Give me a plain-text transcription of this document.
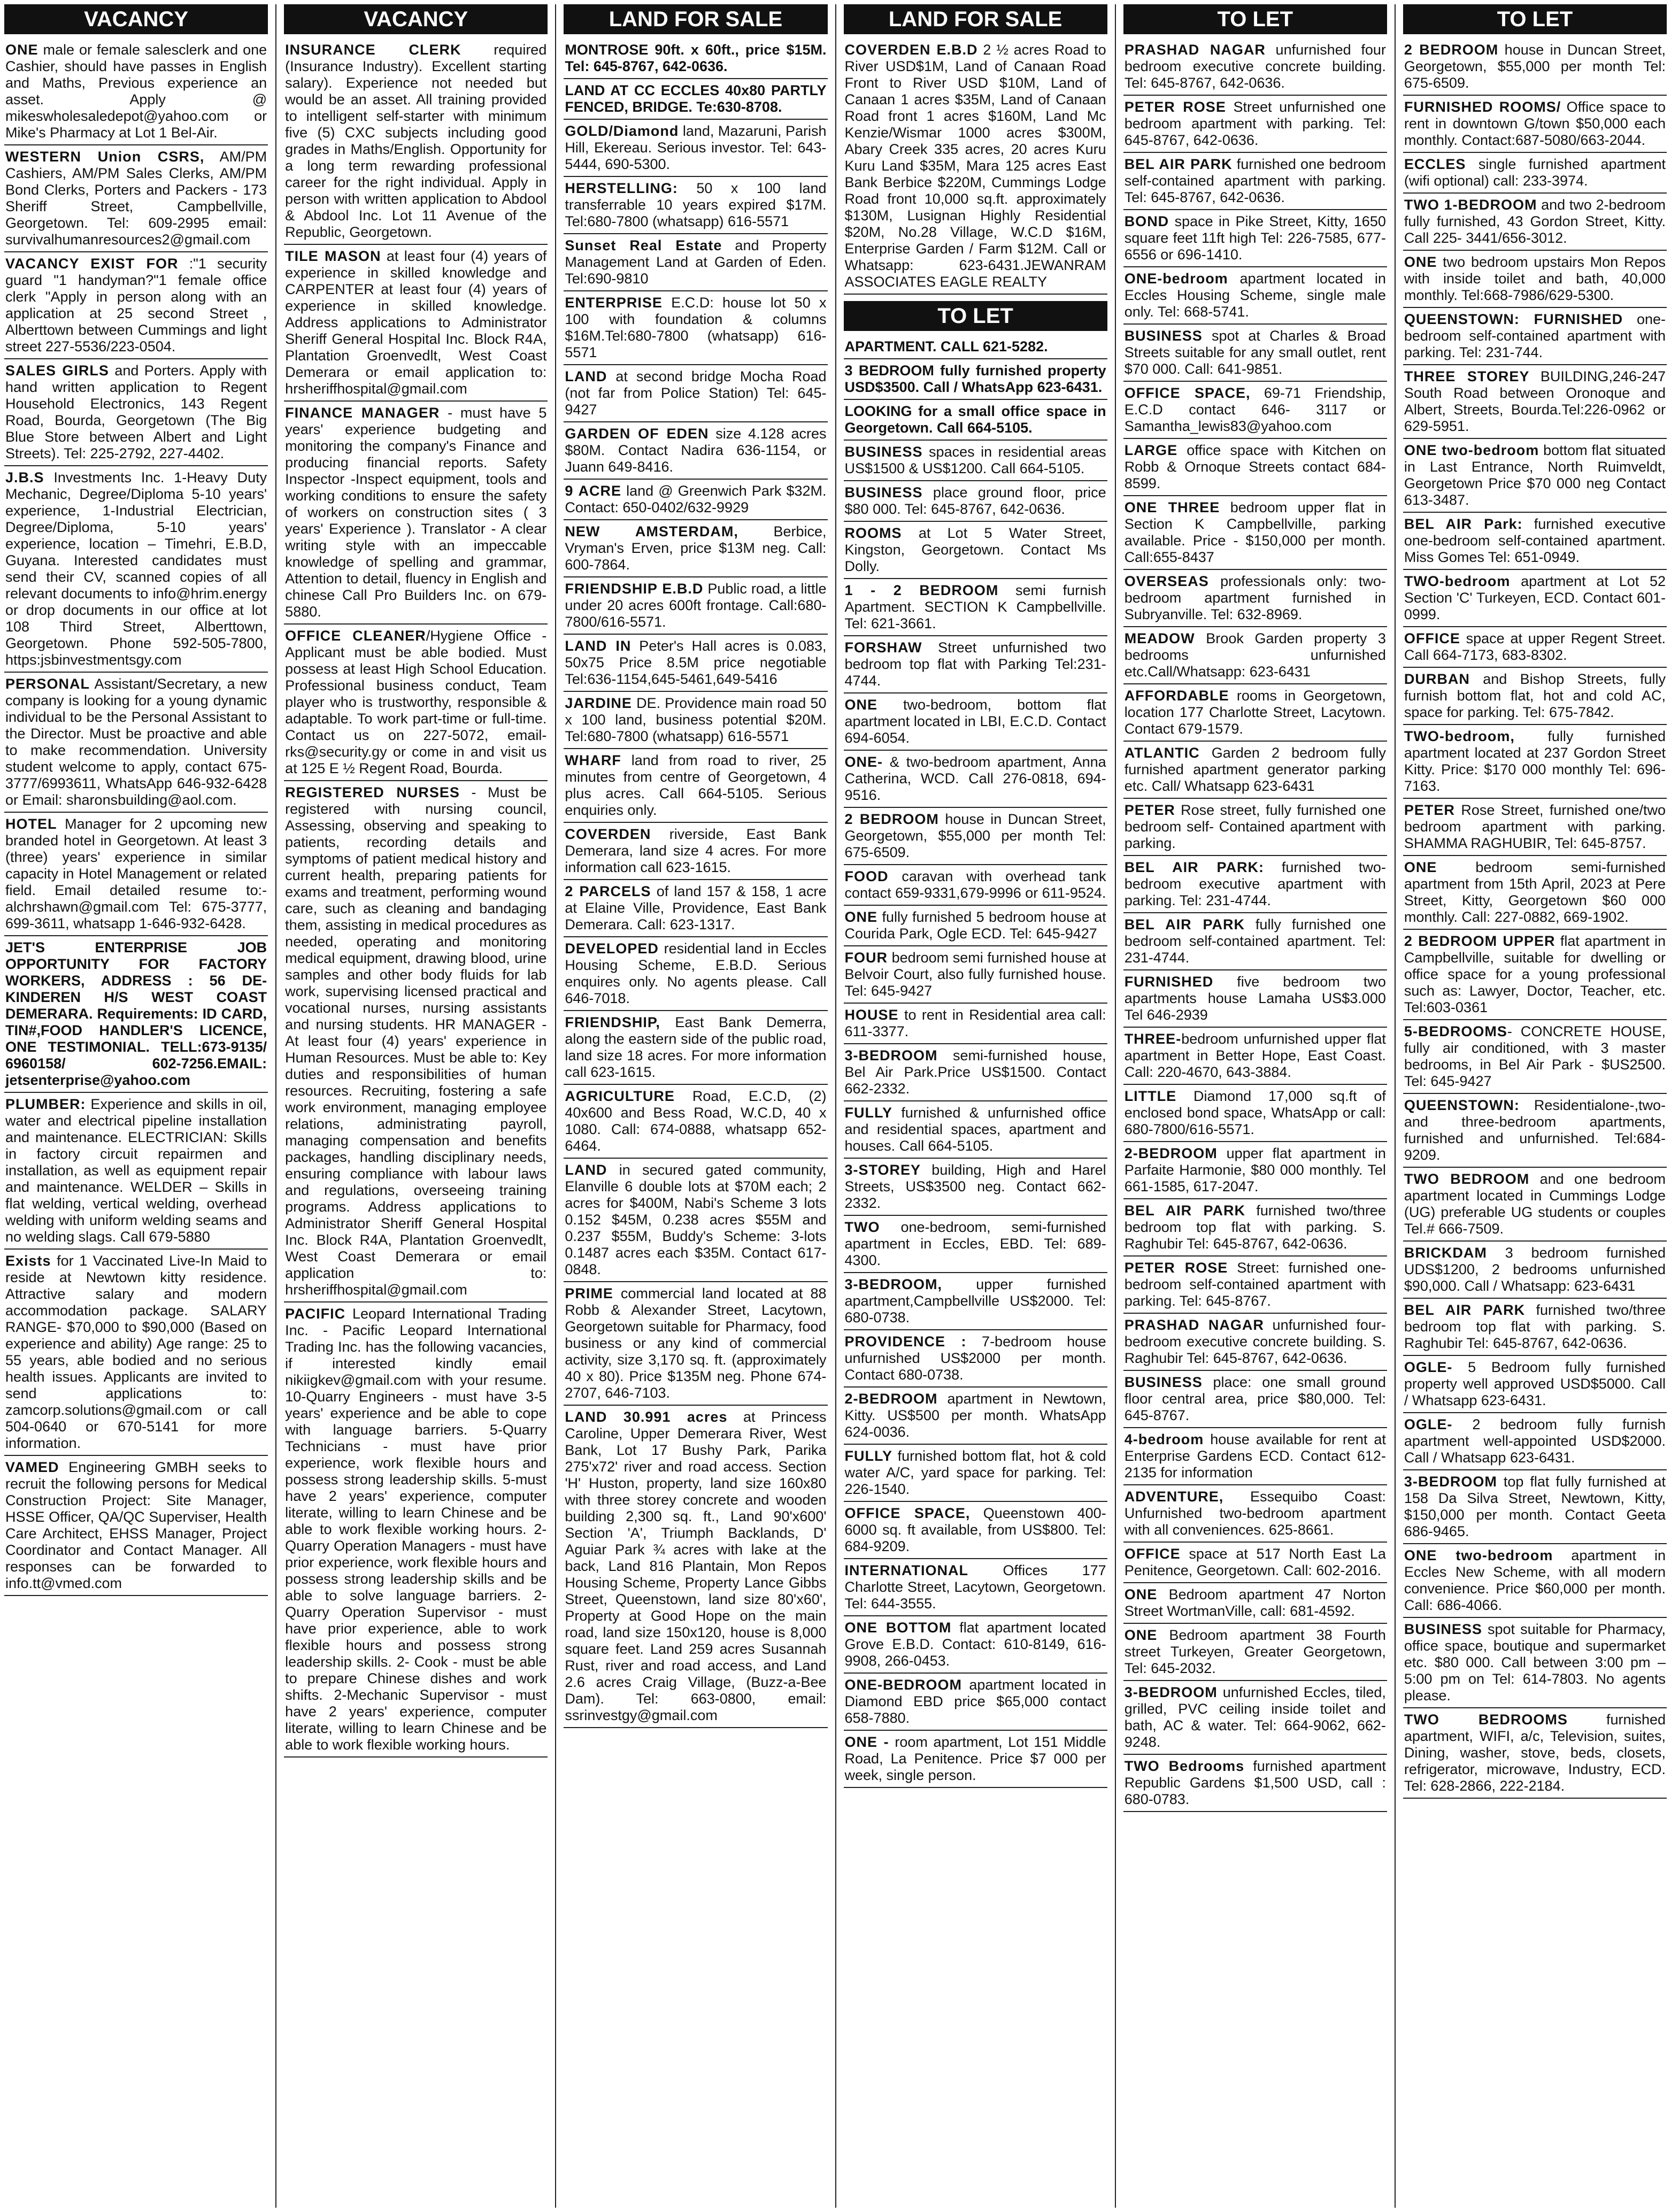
VACANCY
ONE male or female salesclerk and one Cashier, should have passes in English and Maths, Previous experience an asset. Apply @ mikeswholesaledepot@yahoo.com or Mike's Pharmacy at Lot 1 Bel-Air.
WESTERN Union CSRS, AM/PM Cashiers, AM/PM Sales Clerks, AM/PM Bond Clerks, Porters and Packers - 173 Sheriff Street, Campbellville, Georgetown. Tel: 609-2995 email: survivalhumanresources2@gmail.com
VACANCY EXIST FOR :"1 security guard "1 handyman?"1 female office clerk "Apply in person along with an application at 25 second Street , Alberttown between Cummings and light street 227-5536/223-0504.
SALES GIRLS and Porters. Apply with hand written application to Regent Household Electronics, 143 Regent Road, Bourda, Georgetown (The Big Blue Store between Albert and Light Streets). Tel: 225-2792, 227-4402.
J.B.S Investments Inc. 1-Heavy Duty Mechanic, Degree/Diploma 5-10 years' experience, 1-Industrial Electrician, Degree/Diploma, 5-10 years' experience, location – Timehri, E.B.D, Guyana. Interested candidates must send their CV, scanned copies of all relevant documents to info@hrim.energy or drop documents in our office at lot 108 Third Street, Alberttown, Georgetown. Phone 592-505-7800, https:jsbinvestmentsgy.com
PERSONAL Assistant/Secretary, a new company is looking for a young dynamic individual to be the Personal Assistant to the Director. Must be proactive and able to make recommendation. University student welcome to apply, contact 675-3777/6993611, WhatsApp 646-932-6428 or Email: sharonsbuilding@aol.com.
HOTEL Manager for 2 upcoming new branded hotel in Georgetown. At least 3 (three) years' experience in similar capacity in Hotel Management or related field. Email detailed resume to:- alchrshawn@gmail.com Tel: 675-3777, 699-3611, whatsapp 1-646-932-6428.
JET'S ENTERPRISE JOB OPPORTUNITY FOR FACTORY WORKERS, ADDRESS : 56 DE-KINDEREN H/S WEST COAST DEMERARA. Requirements: ID CARD, TIN#,FOOD HANDLER'S LICENCE, ONE TESTIMONIAL. TELL:673-9135/ 6960158/ 602-7256.EMAIL: jetsenterprise@yahoo.com
PLUMBER: Experience and skills in oil, water and electrical pipeline installation and maintenance. ELECTRICIAN: Skills in factory circuit repairmen and installation, as well as equipment repair and maintenance. WELDER – Skills in flat welding, vertical welding, overhead welding with uniform welding seams and no welding slags. Call 679-5880
Exists for 1 Vaccinated Live-In Maid to reside at Newtown kitty residence. Attractive salary and modern accommodation package. SALARY RANGE- $70,000 to $90,000 (Based on experience and ability) Age range: 25 to 55 years, able bodied and no serious health issues. Applicants are invited to send applications to: zamcorp.solutions@gmail.com or call 504-0640 or 670-5141 for more information.
VAMED Engineering GMBH seeks to recruit the following persons for Medical Construction Project: Site Manager, HSSE Officer, QA/QC Superviser, Health Care Architect, EHSS Manager, Project Coordinator and Contact Manager. All responses can be forwarded to info.tt@vmed.com
VACANCY
INSURANCE CLERK required (Insurance Industry). Excellent starting salary). Experience not needed but would be an asset. All training provided to intelligent self-starter with minimum five (5) CXC subjects including good grades in Maths/English. Opportunity for a long term rewarding professional career for the right individual. Apply in person with written application to Abdool & Abdool Inc. Lot 11 Avenue of the Republic, Georgetown.
TILE MASON at least four (4) years of experience in skilled knowledge and CARPENTER at least four (4) years of experience in skilled knowledge. Address applications to Administrator Sheriff General Hospital Inc. Block R4A, Plantation Groenvedlt, West Coast Demerara or email application to: hrsheriffhospital@gmail.com
FINANCE MANAGER - must have 5 years' experience budgeting and monitoring the company's Finance and producing financial reports. Safety Inspector -Inspect equipment, tools and working conditions to ensure the safety of workers on construction sites ( 3 years' Experience ). Translator - A clear writing style with an impeccable knowledge of spelling and grammar, Attention to detail, fluency in English and chinese Call Pro Builders Inc. on 679-5880.
OFFICE CLEANER/Hygiene Office - Applicant must be able bodied. Must possess at least High School Education. Professional business conduct, Team player who is trustworthy, responsible & adaptable. To work part-time or full-time. Contact us on 227-5072, email-rks@security.gy or come in and visit us at 125 E ½ Regent Road, Bourda.
REGISTERED NURSES - Must be registered with nursing council, Assessing, observing and speaking to patients, recording details and symptoms of patient medical history and current health, preparing patients for exams and treatment, performing wound care, such as cleaning and bandaging them, assisting in medical procedures as needed, operating and monitoring medical equipment, drawing blood, urine samples and other body fluids for lab work, supervising licensed practical and vocational nurses, nursing assistants and nursing students. HR MANAGER - At least four (4) years' experience in Human Resources. Must be able to: Key duties and responsibilities of human resources. Recruiting, fostering a safe work environment, managing employee relations, administrating payroll, managing compensation and benefits packages, handling disciplinary needs, ensuring compliance with labour laws and regulations, overseeing training programs. Address applications to Administrator Sheriff General Hospital Inc. Block R4A, Plantation Groenvedlt, West Coast Demerara or email application to: hrsheriffhospital@gmail.com
PACIFIC Leopard International Trading Inc. - Pacific Leopard International Trading Inc. has the following vacancies, if interested kindly email nikiigkev@gmail.com with your resume. 10-Quarry Engineers - must have 3-5 years' experience and be able to cope with language barriers. 5-Quarry Technicians - must have prior experience, work flexible hours and possess strong leadership skills. 5-must have 2 years' experience, computer literate, willing to learn Chinese and be able to work flexible working hours. 2- Quarry Operation Managers - must have prior experience, work flexible hours and possess strong leadership skills and be able to solve language barriers. 2- Quarry Operation Supervisor - must have prior experience, able to work flexible hours and possess strong leadership skills. 2- Cook - must be able to prepare Chinese dishes and work shifts. 2-Mechanic Supervisor - must have 2 years' experience, computer literate, willing to learn Chinese and be able to work flexible working hours.
LAND FOR SALE
MONTROSE 90ft. x 60ft., price $15M. Tel: 645-8767, 642-0636.
LAND AT CC ECCLES 40x80 PARTLY FENCED, BRIDGE. Te:630-8708.
GOLD/Diamond land, Mazaruni, Parish Hill, Ekereau. Serious investor. Tel: 643-5444, 690-5300.
HERSTELLING: 50 x 100 land transferrable 10 years expired $17M. Tel:680-7800 (whatsapp) 616-5571
Sunset Real Estate and Property Management Land at Garden of Eden. Tel:690-9810
ENTERPRISE E.C.D: house lot 50 x 100 with foundation & columns $16M.Tel:680-7800 (whatsapp) 616-5571
LAND at second bridge Mocha Road (not far from Police Station) Tel: 645-9427
GARDEN OF EDEN size 4.128 acres $80M. Contact Nadira 636-1154, or Juann 649-8416.
9 ACRE land @ Greenwich Park $32M. Contact: 650-0402/632-9929
NEW AMSTERDAM, Berbice, Vryman's Erven, price $13M neg. Call: 600-7864.
FRIENDSHIP E.B.D Public road, a little under 20 acres 600ft frontage. Call:680-7800/616-5571.
LAND IN Peter's Hall acres is 0.083, 50x75 Price 8.5M price negotiable Tel:636-1154,645-5461,649-5416
JARDINE DE. Providence main road 50 x 100 land, business potential $20M. Tel:680-7800 (whatsapp) 616-5571
WHARF land from road to river, 25 minutes from centre of Georgetown, 4 plus acres. Call 664-5105. Serious enquiries only.
COVERDEN riverside, East Bank Demerara, land size 4 acres. For more information call 623-1615.
2 PARCELS of land 157 & 158, 1 acre at Elaine Ville, Providence, East Bank Demerara. Call: 623-1317.
DEVELOPED residential land in Eccles Housing Scheme, E.B.D. Serious enquires only. No agents please. Call 646-7018.
FRIENDSHIP, East Bank Demerra, along the eastern side of the public road, land size 18 acres. For more information call 623-1615.
AGRICULTURE Road, E.C.D, (2) 40x600 and Bess Road, W.C.D, 40 x 1080. Call: 674-0888, whatsapp 652-6464.
LAND in secured gated community, Elanville 6 double lots at $70M each; 2 acres for $400M, Nabi's Scheme 3 lots 0.152 $45M, 0.238 acres $55M and 0.237 $55M, Buddy's Scheme: 3-lots 0.1487 acres each $35M. Contact 617-0848.
PRIME commercial land located at 88 Robb & Alexander Street, Lacytown, Georgetown suitable for Pharmacy, food business or any kind of commercial activity, size 3,170 sq. ft. (approximately 40 x 80). Price $135M neg. Phone 674-2707, 646-7103.
LAND 30.991 acres at Princess Caroline, Upper Demerara River, West Bank, Lot 17 Bushy Park, Parika 275'x72' river and road access. Section 'H' Huston, property, land size 160x80 with three storey concrete and wooden building 2,300 sq. ft., Land 90'x600' Section 'A', Triumph Backlands, D' Aguiar Park ¾ acres with lake at the back, Land 816 Plantain, Mon Repos Housing Scheme, Property Lance Gibbs Street, Queenstown, land size 80'x60', Property at Good Hope on the main road, land size 150x120, house is 8,000 square feet. Land 259 acres Susannah Rust, river and road access, and Land 2.6 acres Craig Village, (Buzz-a-Bee Dam). Tel: 663-0800, email: ssrinvestgy@gmail.com
LAND FOR SALE
COVERDEN E.B.D 2 ½ acres Road to River USD$1M, Land of Canaan Road Front to River USD $10M, Land of Canaan 1 acres $35M, Land of Canaan Road front 1 acres $160M, Land Mc Kenzie/Wismar 1000 acres $300M, Abary Creek 335 acres, 20 acres Kuru Kuru Land $35M, Mara 125 acres East Bank Berbice $220M, Cummings Lodge Road front 10,000 sq.ft. approximately $130M, Lusignan Highly Residential $20M, No.28 Village, W.C.D $16M, Enterprise Garden / Farm $12M. Call or Whatsapp: 623-6431.JEWANRAM ASSOCIATES EAGLE REALTY
TO LET
APARTMENT. CALL 621-5282.
3 BEDROOM fully furnished property USD$3500. Call / WhatsApp 623-6431.
LOOKING for a small office space in Georgetown. Call 664-5105.
BUSINESS spaces in residential areas US$1500 & US$1200. Call 664-5105.
BUSINESS place ground floor, price $80 000. Tel: 645-8767, 642-0636.
ROOMS at Lot 5 Water Street, Kingston, Georgetown. Contact Ms Dolly.
1 - 2 BEDROOM semi furnish Apartment. SECTION K Campbellville. Tel: 621-3661.
FORSHAW Street unfurnished two bedroom top flat with Parking Tel:231-4744.
ONE two-bedroom, bottom flat apartment located in LBI, E.C.D. Contact 694-6054.
ONE- & two-bedroom apartment, Anna Catherina, WCD. Call 276-0818, 694-9516.
2 BEDROOM house in Duncan Street, Georgetown, $55,000 per month Tel: 675-6509.
FOOD caravan with overhead tank contact 659-9331,679-9996 or 611-9524.
ONE fully furnished 5 bedroom house at Courida Park, Ogle ECD. Tel: 645-9427
FOUR bedroom semi furnished house at Belvoir Court, also fully furnished house. Tel: 645-9427
HOUSE to rent in Residential area call: 611-3377.
3-BEDROOM semi-furnished house, Bel Air Park.Price US$1500. Contact 662-2332.
FULLY furnished & unfurnished office and residential spaces, apartment and houses. Call 664-5105.
3-STOREY building, High and Harel Streets, US$3500 neg. Contact 662-2332.
TWO one-bedroom, semi-furnished apartment in Eccles, EBD. Tel: 689-4300.
3-BEDROOM, upper furnished apartment,Campbellville US$2000. Tel: 680-0738.
PROVIDENCE : 7-bedroom house unfurnished US$2000 per month. Contact 680-0738.
2-BEDROOM apartment in Newtown, Kitty. US$500 per month. WhatsApp 624-0036.
FULLY furnished bottom flat, hot & cold water A/C, yard space for parking. Tel: 226-1540.
OFFICE SPACE, Queenstown 400-6000 sq. ft available, from US$800. Tel: 684-9209.
INTERNATIONAL Offices 177 Charlotte Street, Lacytown, Georgetown. Tel: 644-3555.
ONE BOTTOM flat apartment located Grove E.B.D. Contact: 610-8149, 616-9908, 266-0453.
ONE-BEDROOM apartment located in Diamond EBD price $65,000 contact 658-7880.
ONE - room apartment, Lot 151 Middle Road, La Penitence. Price $7 000 per week, single person.
TO LET
PRASHAD NAGAR unfurnished four bedroom executive concrete building. Tel: 645-8767, 642-0636.
PETER ROSE Street unfurnished one bedroom apartment with parking. Tel: 645-8767, 642-0636.
BEL AIR PARK furnished one bedroom self-contained apartment with parking. Tel: 645-8767, 642-0636.
BOND space in Pike Street, Kitty, 1650 square feet 11ft high Tel: 226-7585, 677-6556 or 696-1410.
ONE-bedroom apartment located in Eccles Housing Scheme, single male only. Tel: 668-5741.
BUSINESS spot at Charles & Broad Streets suitable for any small outlet, rent $70 000. Call: 641-9851.
OFFICE SPACE, 69-71 Friendship, E.C.D contact 646- 3117 or Samantha_lewis83@yahoo.com
LARGE office space with Kitchen on Robb & Ornoque Streets contact 684-8599.
ONE THREE bedroom upper flat in Section K Campbellville, parking available. Price - $150,000 per month. Call:655-8437
OVERSEAS professionals only: two-bedroom apartment furnished in Subryanville. Tel: 632-8969.
MEADOW Brook Garden property 3 bedrooms unfurnished etc.Call/Whatsapp: 623-6431
AFFORDABLE rooms in Georgetown, location 177 Charlotte Street, Lacytown. Contact 679-1579.
ATLANTIC Garden 2 bedroom fully furnished apartment generator parking etc. Call/ Whatsapp 623-6431
PETER Rose street, fully furnished one bedroom self- Contained apartment with parking.
BEL AIR PARK: furnished two-bedroom executive apartment with parking. Tel: 231-4744.
BEL AIR PARK fully furnished one bedroom self-contained apartment. Tel: 231-4744.
FURNISHED five bedroom two apartments house Lamaha US$3.000 Tel 646-2939
THREE-bedroom unfurnished upper flat apartment in Better Hope, East Coast. Call: 220-4670, 643-3884.
LITTLE Diamond 17,000 sq.ft of enclosed bond space, WhatsApp or call: 680-7800/616-5571.
2-BEDROOM upper flat apartment in Parfaite Harmonie, $80 000 monthly. Tel 661-1585, 617-2047.
BEL AIR PARK furnished two/three bedroom top flat with parking. S. Raghubir Tel: 645-8767, 642-0636.
PETER ROSE Street: furnished one-bedroom self-contained apartment with parking. Tel: 645-8767.
PRASHAD NAGAR unfurnished four-bedroom executive concrete building. S. Raghubir Tel: 645-8767, 642-0636.
BUSINESS place: one small ground floor central area, price $80,000. Tel: 645-8767.
4-bedroom house available for rent at Enterprise Gardens ECD. Contact 612-2135 for information
ADVENTURE, Essequibo Coast: Unfurnished two-bedroom apartment with all conveniences. 625-8661.
OFFICE space at 517 North East La Penitence, Georgetown. Call: 602-2016.
ONE Bedroom apartment 47 Norton Street WortmanVille, call: 681-4592.
ONE Bedroom apartment 38 Fourth street Turkeyen, Greater Georgetown, Tel: 645-2032.
3-BEDROOM unfurnished Eccles, tiled, grilled, PVC ceiling inside toilet and bath, AC & water. Tel: 664-9062, 662-9248.
TWO Bedrooms furnished apartment Republic Gardens $1,500 USD, call : 680-0783.
TO LET
2 BEDROOM house in Duncan Street, Georgetown, $55,000 per month Tel: 675-6509.
FURNISHED ROOMS/ Office space to rent in downtown G/town $50,000 each monthly. Contact:687-5080/663-2044.
ECCLES single furnished apartment (wifi optional) call: 233-3974.
TWO 1-BEDROOM and two 2-bedroom fully furnished, 43 Gordon Street, Kitty. Call 225- 3441/656-3012.
ONE two bedroom upstairs Mon Repos with inside toilet and bath, 40,000 monthly. Tel:668-7986/629-5300.
QUEENSTOWN: FURNISHED one-bedroom self-contained apartment with parking. Tel: 231-744.
THREE STOREY BUILDING,246-247 South Road between Oronoque and Albert, Streets, Bourda.Tel:226-0962 or 629-5951.
ONE two-bedroom bottom flat situated in Last Entrance, North Ruimveldt, Georgetown Price $70 000 neg Contact 613-3487.
BEL AIR Park: furnished executive one-bedroom self-contained apartment. Miss Gomes Tel: 651-0949.
TWO-bedroom apartment at Lot 52 Section 'C' Turkeyen, ECD. Contact 601-0999.
OFFICE space at upper Regent Street. Call 664-7173, 683-8302.
DURBAN and Bishop Streets, fully furnish bottom flat, hot and cold AC, space for parking. Tel: 675-7842.
TWO-bedroom, fully furnished apartment located at 237 Gordon Street Kitty. Price: $170 000 monthly Tel: 696-7163.
PETER Rose Street, furnished one/two bedroom apartment with parking. SHAMMA RAGHUBIR, Tel: 645-8757.
ONE bedroom semi-furnished apartment from 15th April, 2023 at Pere Street, Kitty, Georgetown $60 000 monthly. Call: 227-0882, 669-1902.
2 BEDROOM UPPER flat apartment in Campbellville, suitable for dwelling or office space for a young professional such as: Lawyer, Doctor, Teacher, etc. Tel:603-0361
5-BEDROOMS- CONCRETE HOUSE, fully air conditioned, with 3 master bedrooms, in Bel Air Park - $US2500. Tel: 645-9427
QUEENSTOWN: Residentialone-,two-and three-bedroom apartments, furnished and unfurnished. Tel:684-9209.
TWO BEDROOM and one bedroom apartment located in Cummings Lodge (UG) preferable UG students or couples Tel.# 666-7509.
BRICKDAM 3 bedroom furnished UDS$1200, 2 bedrooms unfurnished $90,000. Call / Whatsapp: 623-6431
BEL AIR PARK furnished two/three bedroom top flat with parking. S. Raghubir Tel: 645-8767, 642-0636.
OGLE- 5 Bedroom fully furnished property well approved USD$5000. Call / Whatsapp 623-6431.
OGLE- 2 bedroom fully furnish apartment well-appointed USD$2000. Call / Whatsapp 623-6431.
3-BEDROOM top flat fully furnished at 158 Da Silva Street, Newtown, Kitty, $150,000 per month. Contact Geeta 686-9465.
ONE two-bedroom apartment in Eccles New Scheme, with all modern convenience. Price $60,000 per month. Call: 686-4066.
BUSINESS spot suitable for Pharmacy, office space, boutique and supermarket etc. $80 000. Call between 3:00 pm – 5:00 pm on Tel: 614-7803. No agents please.
TWO BEDROOMS furnished apartment, WIFI, a/c, Television, suites, Dining, washer, stove, beds, closets, refrigerator, microwave, Industry, ECD. Tel: 628-2866, 222-2184.
